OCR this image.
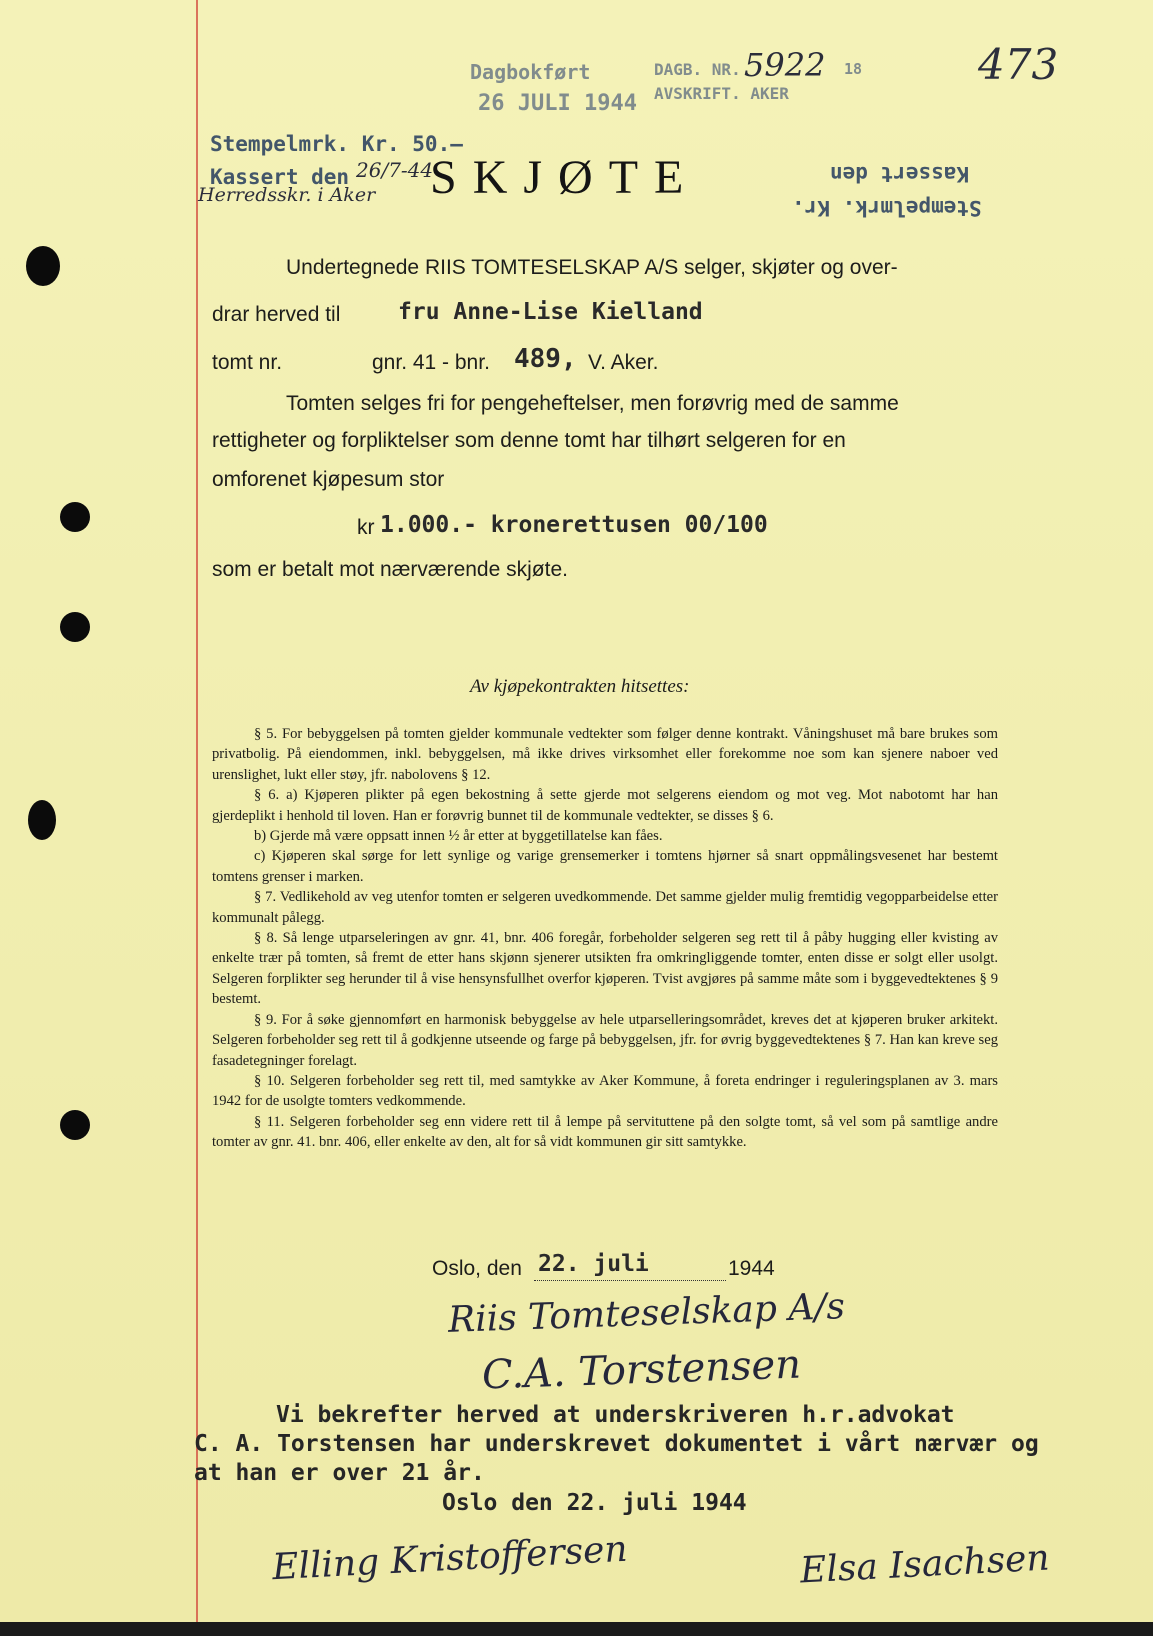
Dagbokført
26 JULI 1944
DAGB. NR. 5922 18
AVSKRIFT. AKER
473
Stempelmrk. Kr. 50.—
Kassert den 26/7-44
Herredsskr. i Aker
Kassert den
Stempelmrk. Kr.
SKJØTE
Undertegnede RIIS TOMTESELSKAP A/S selger, skjøter og over-
drar herved til	fru Anne-Lise Kielland
tomt nr.	gnr. 41 - bnr. 489, V. Aker.
Tomten selges fri for pengeheftelser, men forøvrig med de samme
rettigheter og forpliktelser som denne tomt har tilhørt selgeren for en
omforenet kjøpesum stor
kr 1.000.- kronerettusen 00/100
som er betalt mot nærværende skjøte.
Av kjøpekontrakten hitsettes:

§ 5. For bebyggelsen på tomten gjelder kommunale vedtekter som følger denne kontrakt. Våningshuset må bare brukes som privatbolig. På eiendommen, inkl. bebyggelsen, må ikke drives virksomhet eller forekomme noe som kan sjenere naboer ved urenslighet, lukt eller støy, jfr. nabolovens § 12.

§ 6. a) Kjøperen plikter på egen bekostning å sette gjerde mot selgerens eiendom og mot veg. Mot nabotomt har han gjerdeplikt i henhold til loven. Han er forøvrig bunnet til de kommunale vedtekter, se disses § 6.

b) Gjerde må være oppsatt innen ½ år etter at byggetillatelse kan fåes.

c) Kjøperen skal sørge for lett synlige og varige grensemerker i tomtens hjørner så snart oppmålingsvesenet har bestemt tomtens grenser i marken.

§ 7. Vedlikehold av veg utenfor tomten er selgeren uvedkommende. Det samme gjelder mulig fremtidig vegopparbeidelse etter kommunalt pålegg.

§ 8. Så lenge utparseleringen av gnr. 41, bnr. 406 foregår, forbeholder selgeren seg rett til å påby hugging eller kvisting av enkelte trær på tomten, så fremt de etter hans skjønn sjenerer utsikten fra omkringliggende tomter, enten disse er solgt eller usolgt. Selgeren forplikter seg herunder til å vise hensynsfullhet overfor kjøperen. Tvist avgjøres på samme måte som i byggevedtektenes § 9 bestemt.

§ 9. For å søke gjennomført en harmonisk bebyggelse av hele utparselleringsområdet, kreves det at kjøperen bruker arkitekt. Selgeren forbeholder seg rett til å godkjenne utseende og farge på bebyggelsen, jfr. for øvrig byggevedtektenes § 7. Han kan kreve seg fasadetegninger forelagt.

§ 10. Selgeren forbeholder seg rett til, med samtykke av Aker Kommune, å foreta endringer i reguleringsplanen av 3. mars 1942 for de usolgte tomters vedkommende.

§ 11. Selgeren forbeholder seg enn videre rett til å lempe på servituttene på den solgte tomt, så vel som på samtlige andre tomter av gnr. 41. bnr. 406, eller enkelte av den, alt for så vidt kommunen gir sitt samtykke.

Oslo, den 22. juli	1944
Riis Tomteselskap A/s
C.A. Torstensen
Vi bekrefter herved at underskriveren h.r.advokat
C. A. Torstensen har underskrevet dokumentet i vårt nærvær og
at han er over 21 år.
Oslo den 22. juli 1944
Elling Kristoffersen	Elsa Isachsen
